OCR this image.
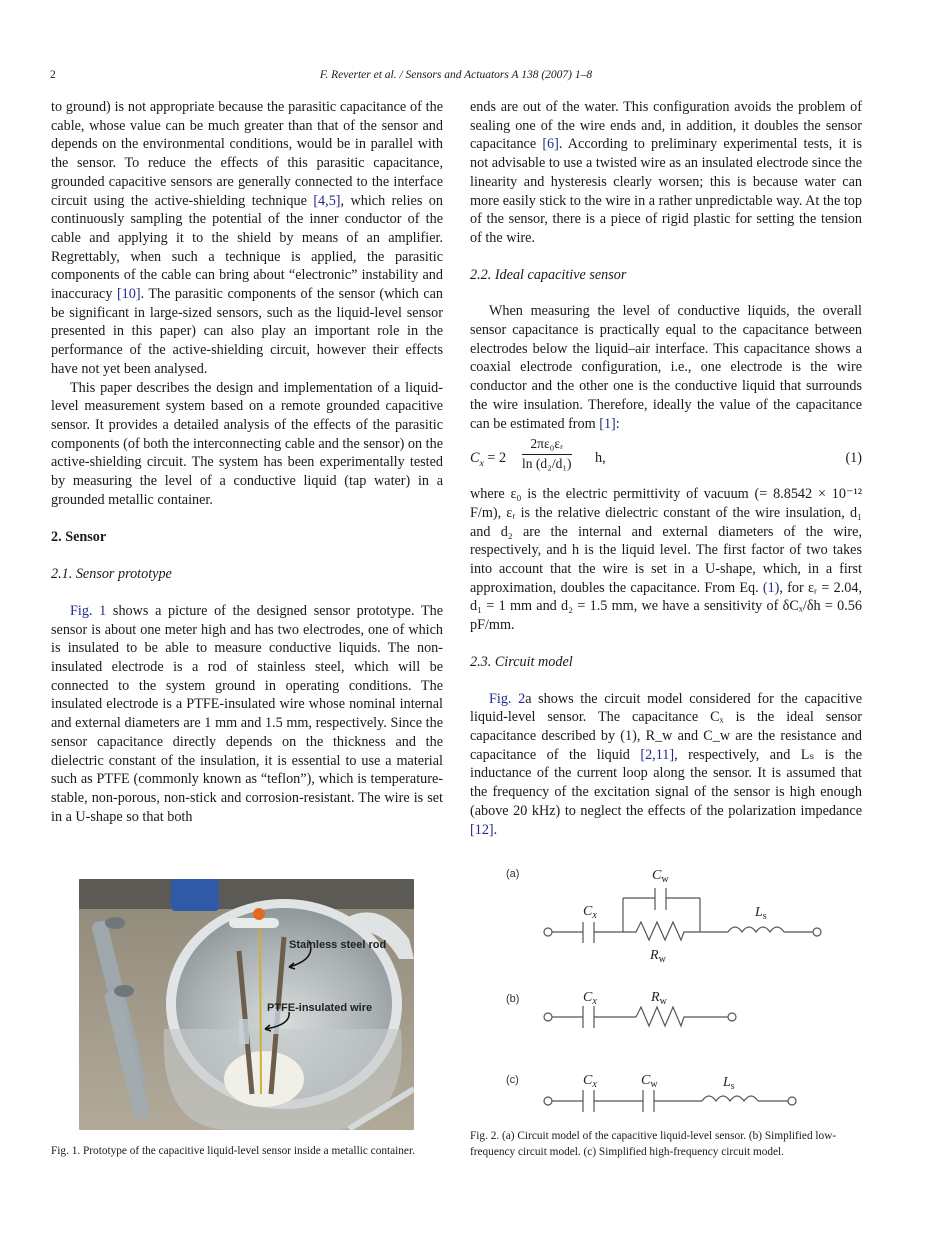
2	F. Reverter et al. / Sensors and Actuators A 138 (2007) 1–8

to ground) is not appropriate because the parasitic capacitance of the cable, whose value can be much greater than that of the sensor and depends on the environmental conditions, would be in parallel with the sensor. To reduce the effects of this parasitic capacitance, grounded capacitive sensors are generally connected to the interface circuit using the active-shielding technique [4,5], which relies on continuously sampling the potential of the inner conductor of the cable and applying it to the shield by means of an amplifier. Regrettably, when such a technique is applied, the parasitic components of the cable can bring about “electronic” instability and inaccuracy [10]. The parasitic components of the sensor (which can be significant in large-sized sensors, such as the liquid-level sensor presented in this paper) can also play an important role in the performance of the active-shielding circuit, however their effects have not yet been analysed.

This paper describes the design and implementation of a liquid-level measurement system based on a remote grounded capacitive sensor. It provides a detailed analysis of the effects of the parasitic components (of both the interconnecting cable and the sensor) on the active-shielding circuit. The system has been experimentally tested by measuring the level of a conductive liquid (tap water) in a grounded metallic container.

2. Sensor

2.1. Sensor prototype

Fig. 1 shows a picture of the designed sensor prototype. The sensor is about one meter high and has two electrodes, one of which is insulated to be able to measure conductive liquids. The non-insulated electrode is a rod of stainless steel, which will be connected to the system ground in operating conditions. The insulated electrode is a PTFE-insulated wire whose nominal internal and external diameters are 1 mm and 1.5 mm, respectively. Since the sensor capacitance directly depends on the thickness and the dielectric constant of the insulation, it is essential to use a material such as PTFE (commonly known as “teflon”), which is temperature-stable, non-porous, non-stick and corrosion-resistant. The wire is set in a U-shape so that both

ends are out of the water. This configuration avoids the problem of sealing one of the wire ends and, in addition, it doubles the sensor capacitance [6]. According to preliminary experimental tests, it is not advisable to use a twisted wire as an insulated electrode since the linearity and hysteresis clearly worsen; this is because water can more easily stick to the wire in a rather unpredictable way. At the top of the sensor, there is a piece of rigid plastic for setting the tension of the wire.

2.2. Ideal capacitive sensor

When measuring the level of conductive liquids, the overall sensor capacitance is practically equal to the capacitance between electrodes below the liquid–air interface. This capacitance shows a coaxial electrode configuration, i.e., one electrode is the wire conductor and the other one is the conductive liquid that surrounds the wire insulation. Therefore, ideally the value of the capacitance can be estimated from [1]:

$C_x = 2 \frac{\text{2πε₀εᵣ}}{\text{ln (d₂/d₁)}} h$,	(1)

where ε₀ is the electric permittivity of vacuum (= 8.8542 × 10⁻¹² F/m), εᵣ is the relative dielectric constant of the wire insulation, d₁ and d₂ are the internal and external diameters of the wire, respectively, and h is the liquid level. The first factor of two takes into account that the wire is set in a U-shape, which, in a first approximation, doubles the capacitance. From Eq. (1), for εᵣ = 2.04, d₁ = 1 mm and d₂ = 1.5 mm, we have a sensitivity of δCₓ/δh = 0.56 pF/mm.

2.3. Circuit model

Fig. 2a shows the circuit model considered for the capacitive liquid-level sensor. The capacitance Cₓ is the ideal sensor capacitance described by (1), R_w and C_w are the resistance and capacitance of the liquid [2,11], respectively, and Lₛ is the inductance of the current loop along the sensor. It is assumed that the frequency of the excitation signal of the sensor is high enough (above 20 kHz) to neglect the effects of the polarization impedance [12].

Stainless steel rod
PTFE-insulated wire
Fig. 1. Prototype of the capacitive liquid-level sensor inside a metallic container.
(a)
(b)
(c)
$C_x$
$C_w$
$R_w$
$L_s$
$C_x$	$R_w$
$C_x$	$C_w$	$L_s$
Fig. 2. (a) Circuit model of the capacitive liquid-level sensor. (b) Simplified low-frequency circuit model. (c) Simplified high-frequency circuit model.
